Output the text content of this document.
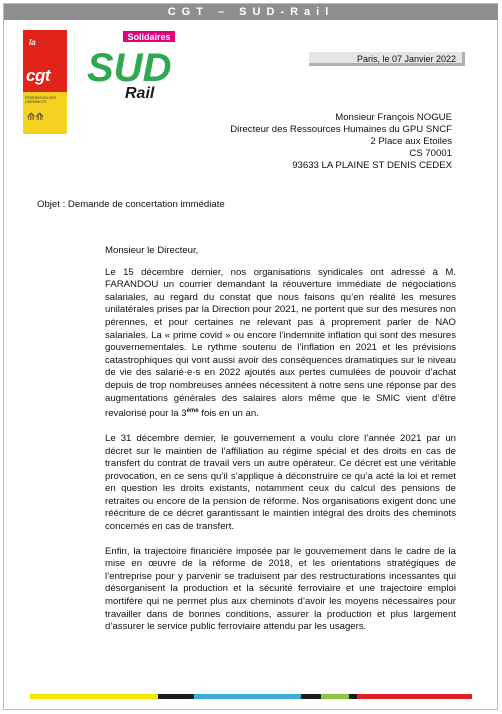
CGT – SUD-Rail
la
cgt
FÉDÉRATION DES CHEMINOTS
⟰⟰
Solidaires
SUD
Rail
Paris, le 07 Janvier 2022
Monsieur François NOGUE
Directeur des Ressources Humaines du GPU SNCF
2 Place aux Etoiles
CS 70001
93633 LA PLAINE ST DENIS CEDEX
Objet : Demande de concertation immédiate

Monsieur le Directeur,

Le 15 décembre dernier, nos organisations syndicales ont adressé à M. FARANDOU un courrier demandant la réouverture immédiate de négociations salariales, au regard du constat que nous faisons qu’en réalité les mesures unilatérales prises par la Direction pour 2021, ne portent que sur des mesures non pérennes, et pour certaines ne relevant pas à proprement parler de NAO salariales. La « prime covid » ou encore l’indemnité inflation qui sont des mesures gouvernementales. Le rythme soutenu de l’inflation en 2021 et les prévisions catastrophiques qui vont aussi avoir des conséquences dramatiques sur le niveau de vie des salarié·e·s en 2022 ajoutés aux pertes cumulées de pouvoir d’achat depuis de trop nombreuses années nécessitent à notre sens une réponse par des augmentations générales des salaires alors même que le SMIC vient d’être revalorisé pour la 3ème fois en un an.

Le 31 décembre dernier, le gouvernement a voulu clore l’année 2021 par un décret sur le maintien de l’affiliation au régime spécial et des droits en cas de transfert du contrat de travail vers un autre opérateur. Ce décret est une véritable provocation, en ce sens qu’il s’applique à déconstruire ce qu’a acté la loi et remet en question les droits existants, notamment ceux du calcul des pensions de retraites ou encore de la pension de réforme. Nos organisations exigent donc une réécriture de ce décret garantissant le maintien intégral des droits des cheminots concernés en cas de transfert.

Enfin, la trajectoire financière imposée par le gouvernement dans le cadre de la mise en œuvre de la réforme de 2018, et les orientations stratégiques de l’entreprise pour y parvenir se traduisent par des restructurations incessantes qui désorganisent la production et la sécurité ferroviaire et une trajectoire emploi mortifère qui ne permet plus aux cheminots d’avoir les moyens nécessaires pour travailler dans de bonnes conditions, assurer la production et plus largement d’assurer le service public ferroviaire attendu par les usagers.
